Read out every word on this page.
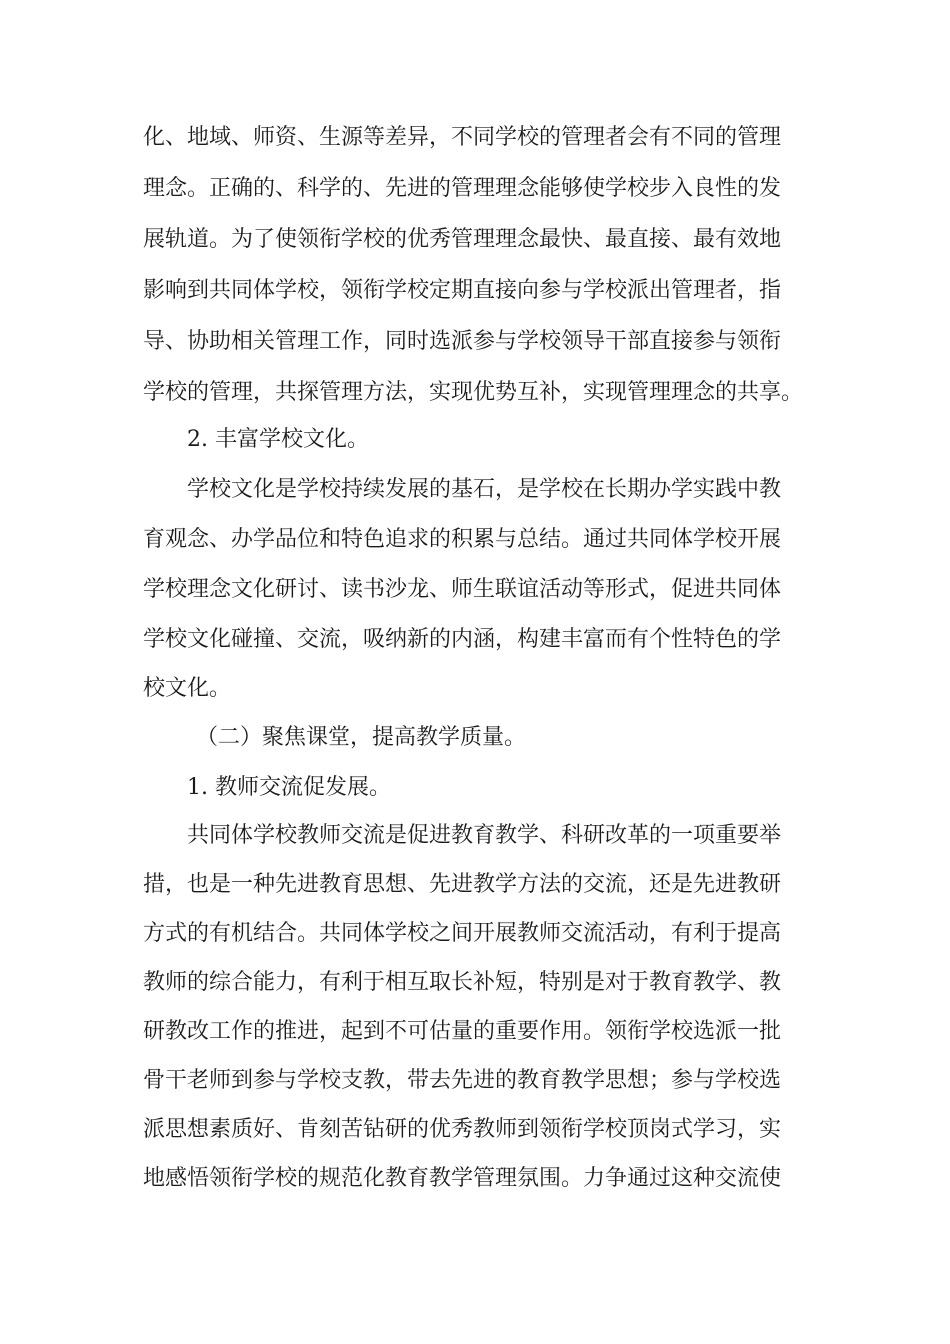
化、地域、师资、生源等差异，不同学校的管理者会有不同的管理
理念。正确的、科学的、先进的管理理念能够使学校步入良性的发
展轨道。为了使领衔学校的优秀管理理念最快、最直接、最有效地
影响到共同体学校，领衔学校定期直接向参与学校派出管理者，指
导、协助相关管理工作，同时选派参与学校领导干部直接参与领衔
学校的管理，共探管理方法，实现优势互补，实现管理理念的共享。
2. 丰富学校文化。
学校文化是学校持续发展的基石，是学校在长期办学实践中教
育观念、办学品位和特色追求的积累与总结。通过共同体学校开展
学校理念文化研讨、读书沙龙、师生联谊活动等形式，促进共同体
学校文化碰撞、交流，吸纳新的内涵，构建丰富而有个性特色的学
校文化。
（二）聚焦课堂，提高教学质量。
1. 教师交流促发展。
共同体学校教师交流是促进教育教学、科研改革的一项重要举
措，也是一种先进教育思想、先进教学方法的交流，还是先进教研
方式的有机结合。共同体学校之间开展教师交流活动，有利于提高
教师的综合能力，有利于相互取长补短，特别是对于教育教学、教
研教改工作的推进，起到不可估量的重要作用。领衔学校选派一批
骨干老师到参与学校支教，带去先进的教育教学思想；参与学校选
派思想素质好、肯刻苦钻研的优秀教师到领衔学校顶岗式学习，实
地感悟领衔学校的规范化教育教学管理氛围。力争通过这种交流使
